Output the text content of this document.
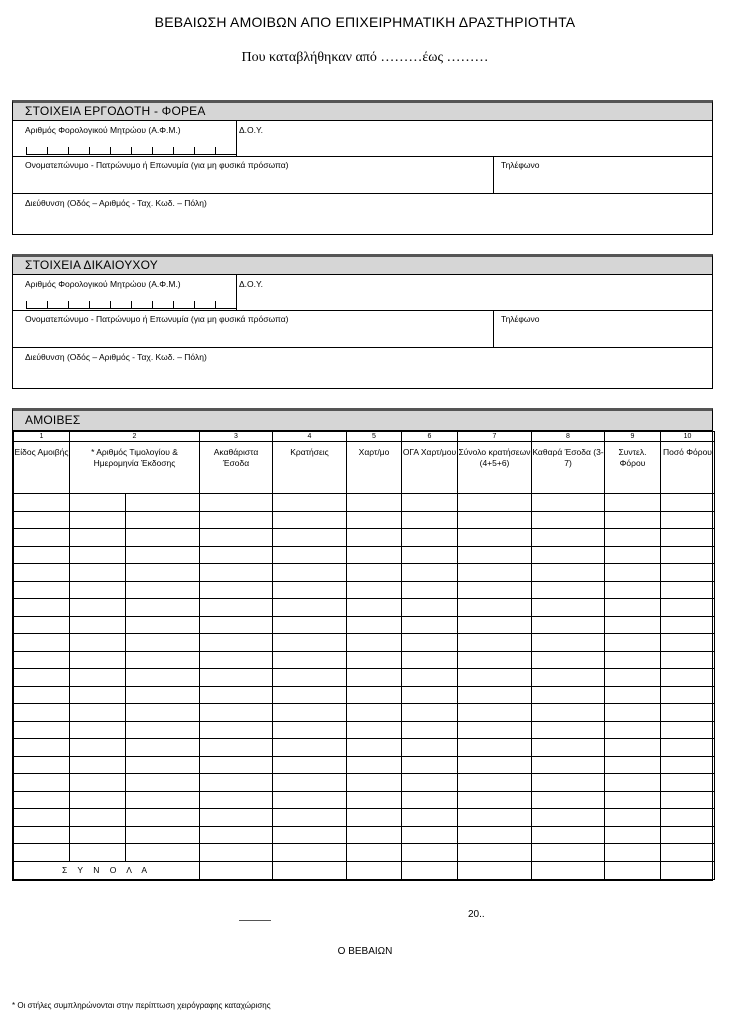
ΒΕΒΑΙΩΣΗ ΑΜΟΙΒΩΝ ΑΠΟ ΕΠΙΧΕΙΡΗΜΑΤΙΚΗ ΔΡΑΣΤΗΡΙΟΤΗΤΑ
Που καταβλήθηκαν από ………έως ………
ΣΤΟΙΧΕΙΑ ΕΡΓΟΔΟΤΗ - ΦΟΡΕΑ
Αριθμός Φορολογικού Μητρώου (Α.Φ.Μ.)	Δ.Ο.Υ.
Ονοματεπώνυμο - Πατρώνυμο ή Επωνυμία (για μη φυσικά πρόσωπα)	Τηλέφωνο
Διεύθυνση (Οδός – Αριθμός - Ταχ. Κωδ. – Πόλη)
ΣΤΟΙΧΕΙΑ ΔΙΚΑΙΟΥΧΟΥ
Αριθμός Φορολογικού Μητρώου (Α.Φ.Μ.)	Δ.Ο.Υ.
Ονοματεπώνυμο - Πατρώνυμο ή Επωνυμία (για μη φυσικά πρόσωπα)	Τηλέφωνο
Διεύθυνση (Οδός – Αριθμός - Ταχ. Κωδ. – Πόλη)
ΑΜΟΙΒΕΣ
1	2		3	4	5	6	7	8	9	10
Είδος Αμοιβής	* Αριθμός Τιμολογίου & Ημερομηνία Έκδοσης		Ακαθάριστα Έσοδα	Κρατήσεις	Χαρτ/μο	ΟΓΑ Χαρτ/μου	Σύνολο κρατήσεων (4+5+6)	Καθαρά Έσοδα (3-7)	Συντελ. Φόρου	Ποσό Φόρου

Σ Υ Ν Ο Λ Α										
20..
Ο ΒΕΒΑΙΩΝ
* Οι στήλες συμπληρώνονται στην περίπτωση χειρόγραφης καταχώρισης
